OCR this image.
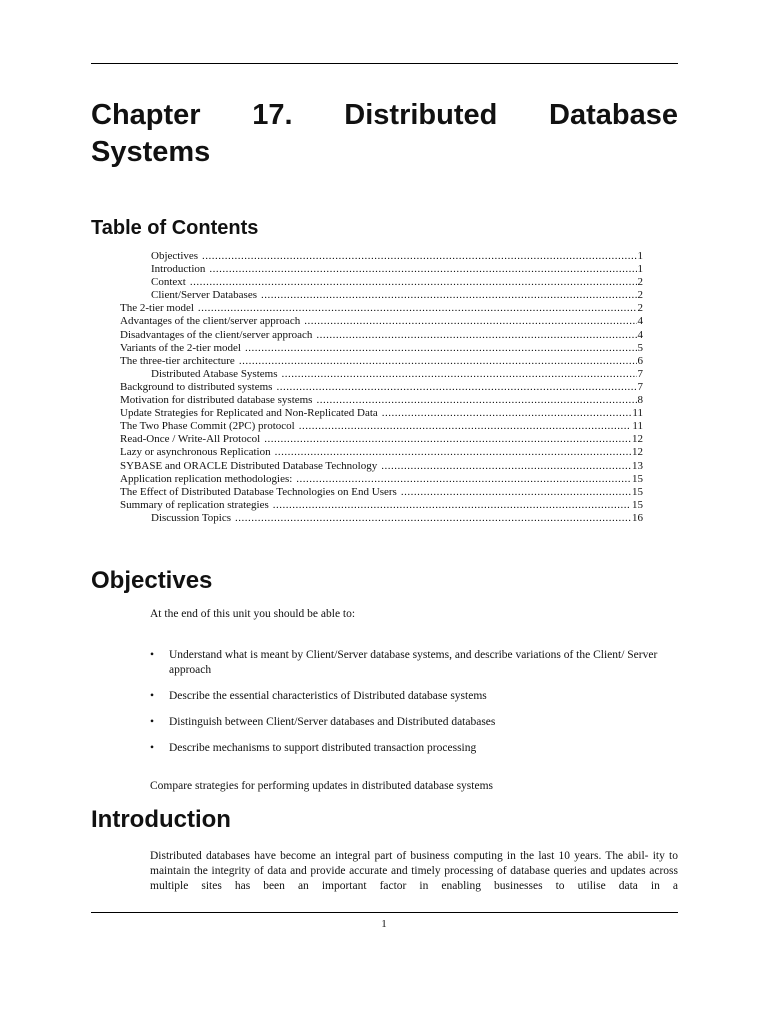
Chapter 17. Distributed Database
Systems
Table of Contents
Objectives .....	1
Introduction .....	1
Context .....	2
Client/Server Databases .....	2
The 2-tier model .....	2
Advantages of the client/server approach .....	4
Disadvantages of the client/server approach .....	4
Variants of the 2-tier model .....	5
The three-tier architecture .....	6
Distributed Atabase Systems .....	7
Background to distributed systems .....	7
Motivation for distributed database systems .....	8
Update Strategies for Replicated and Non-Replicated Data .....	11
The Two Phase Commit (2PC) protocol .....	11
Read-Once / Write-All Protocol .....	12
Lazy or asynchronous Replication .....	12
SYBASE and ORACLE Distributed Database Technology .....	13
Application replication methodologies: .....	15
The Effect of Distributed Database Technologies on End Users .....	15
Summary of replication strategies .....	15
Discussion Topics .....	16
Objectives

At the end of this unit you should be able to:

• Understand what is meant by Client/Server database systems, and describe variations of the Client/ Server approach
• Describe the essential characteristics of Distributed database systems
• Distinguish between Client/Server databases and Distributed databases
• Describe mechanisms to support distributed transaction processing

Compare strategies for performing updates in distributed database systems

Introduction

Distributed databases have become an integral part of business computing in the last 10 years. The abil- ity to maintain the integrity of data and provide accurate and timely processing of database queries and updates across multiple sites has been an important factor in enabling businesses to utilise data in a

1
